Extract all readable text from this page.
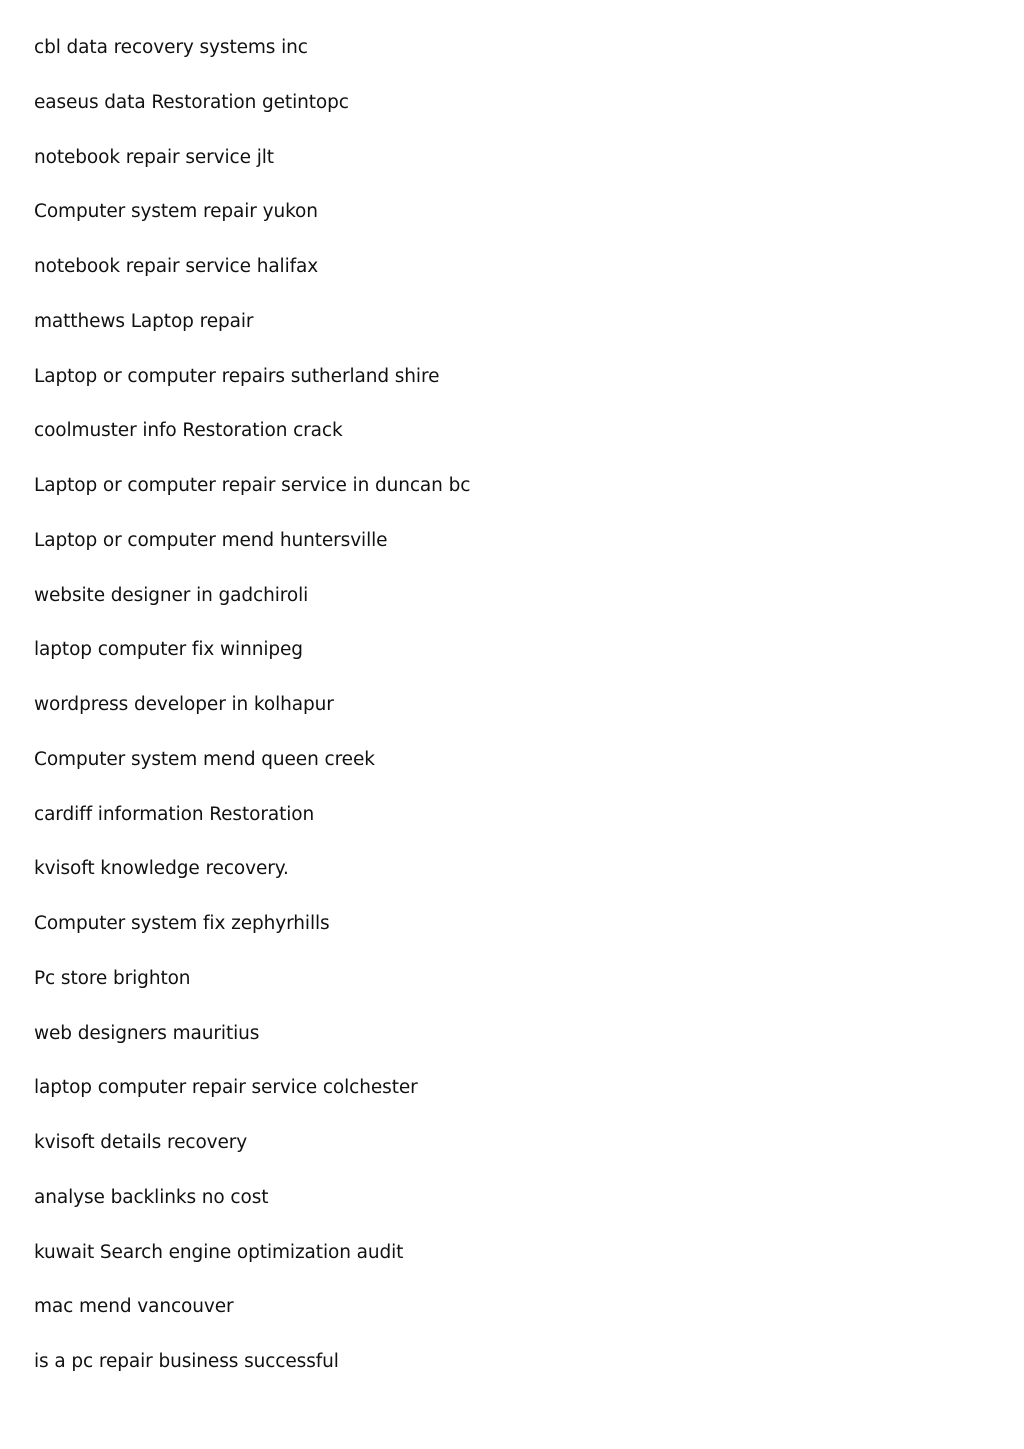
cbl data recovery systems inc
easeus data Restoration getintopc
notebook repair service jlt
Computer system repair yukon
notebook repair service halifax
matthews Laptop repair
Laptop or computer repairs sutherland shire
coolmuster info Restoration crack
Laptop or computer repair service in duncan bc
Laptop or computer mend huntersville
website designer in gadchiroli
laptop computer fix winnipeg
wordpress developer in kolhapur
Computer system mend queen creek
cardiff information Restoration
kvisoft knowledge recovery.
Computer system fix zephyrhills
Pc store brighton
web designers mauritius
laptop computer repair service colchester
kvisoft details recovery
analyse backlinks no cost
kuwait Search engine optimization audit
mac mend vancouver
is a pc repair business successful
